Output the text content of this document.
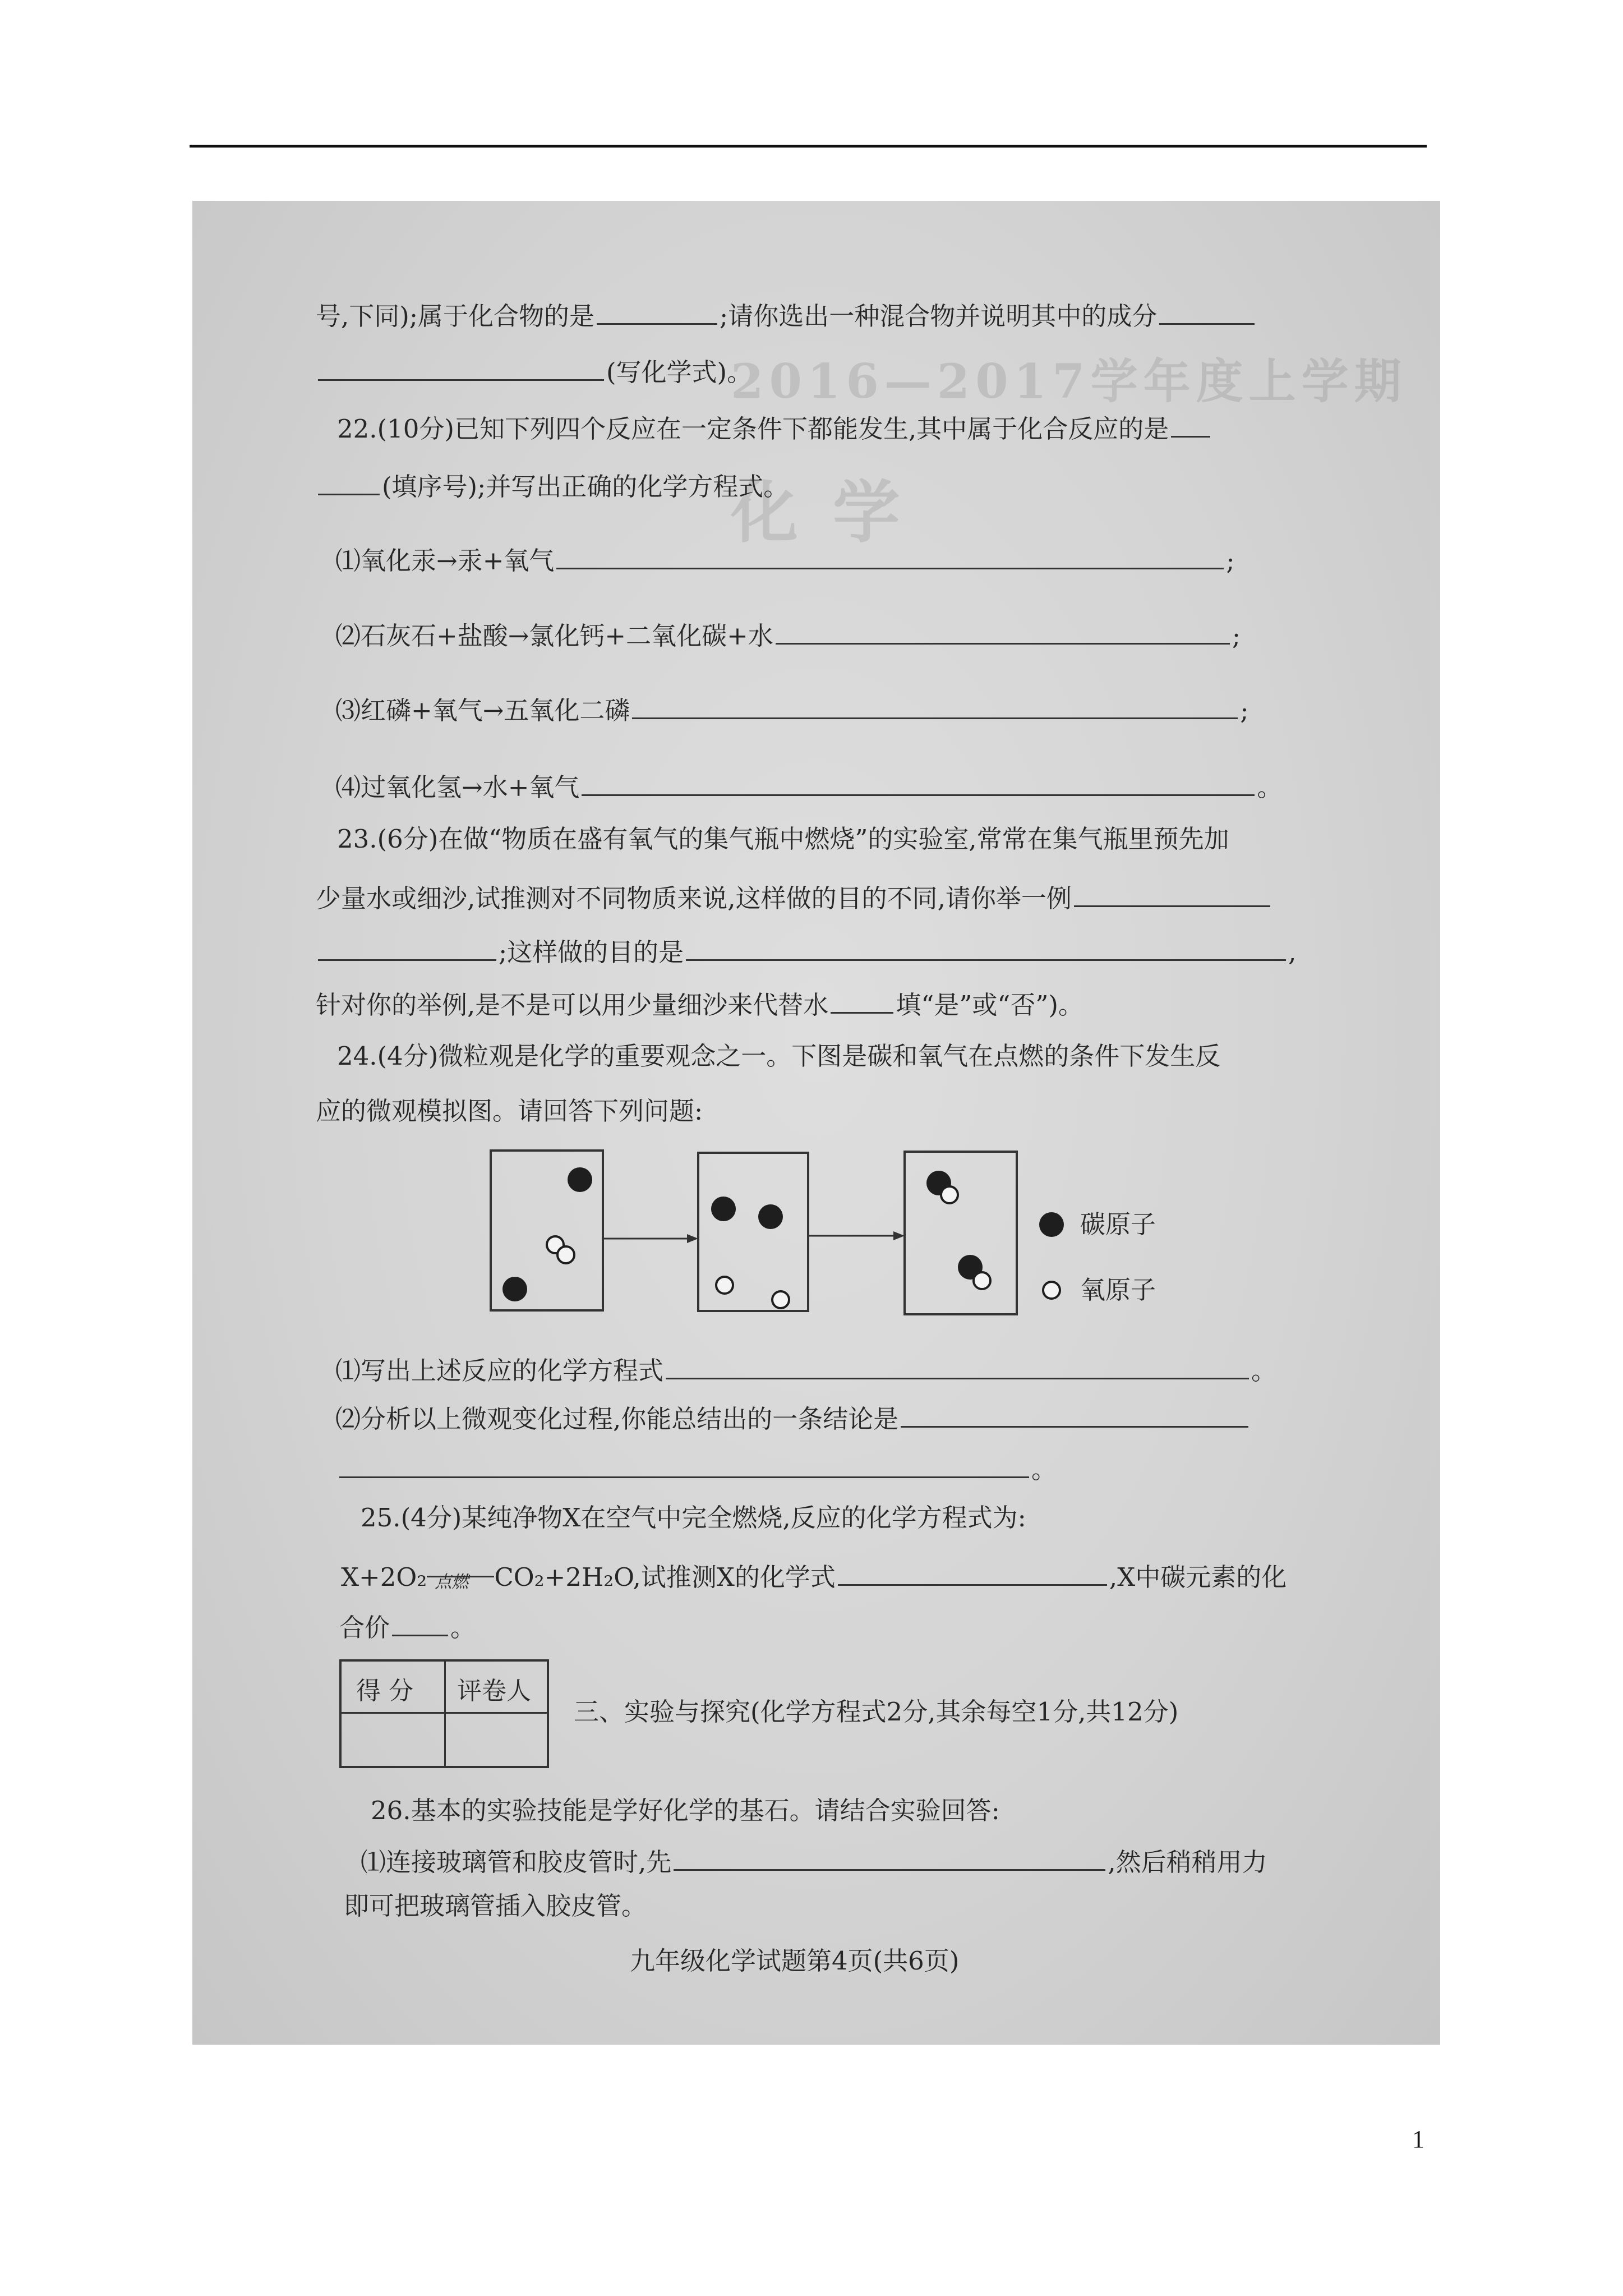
2016—2017学年度上学期
化 学
号,下同);属于化合物的是	;请你选出一种混合物并说明其中的成分
(写化学式)。
22.(10分)已知下列四个反应在一定条件下都能发生,其中属于化合反应的是
(填序号);并写出正确的化学方程式。
⑴氧化汞→汞+氧气	;
⑵石灰石+盐酸→氯化钙+二氧化碳+水	;
⑶红磷+氧气→五氧化二磷	;
⑷过氧化氢→水+氧气	。
23.(6分)在做“物质在盛有氧气的集气瓶中燃烧”的实验室,常常在集气瓶里预先加
少量水或细沙,试推测对不同物质来说,这样做的目的不同,请你举一例
;这样做的目的是	,
针对你的举例,是不是可以用少量细沙来代替水	填“是”或“否”)。
24.(4分)微粒观是化学的重要观念之一。下图是碳和氧气在点燃的条件下发生反
应的微观模拟图。请回答下列问题:
碳原子
氧原子
⑴写出上述反应的化学方程式	。
⑵分析以上微观变化过程,你能总结出的一条结论是
。
25.(4分)某纯净物X在空气中完全燃烧,反应的化学方程式为:
X+2O₂ 点燃 CO₂+2H₂O,试推测X的化学式	,X中碳元素的化
合价 。
得 分 评卷人
三、实验与探究(化学方程式2分,其余每空1分,共12分)
26.基本的实验技能是学好化学的基石。请结合实验回答:
⑴连接玻璃管和胶皮管时,先	,然后稍稍用力
即可把玻璃管插入胶皮管。
九年级化学试题第4页(共6页)
1
